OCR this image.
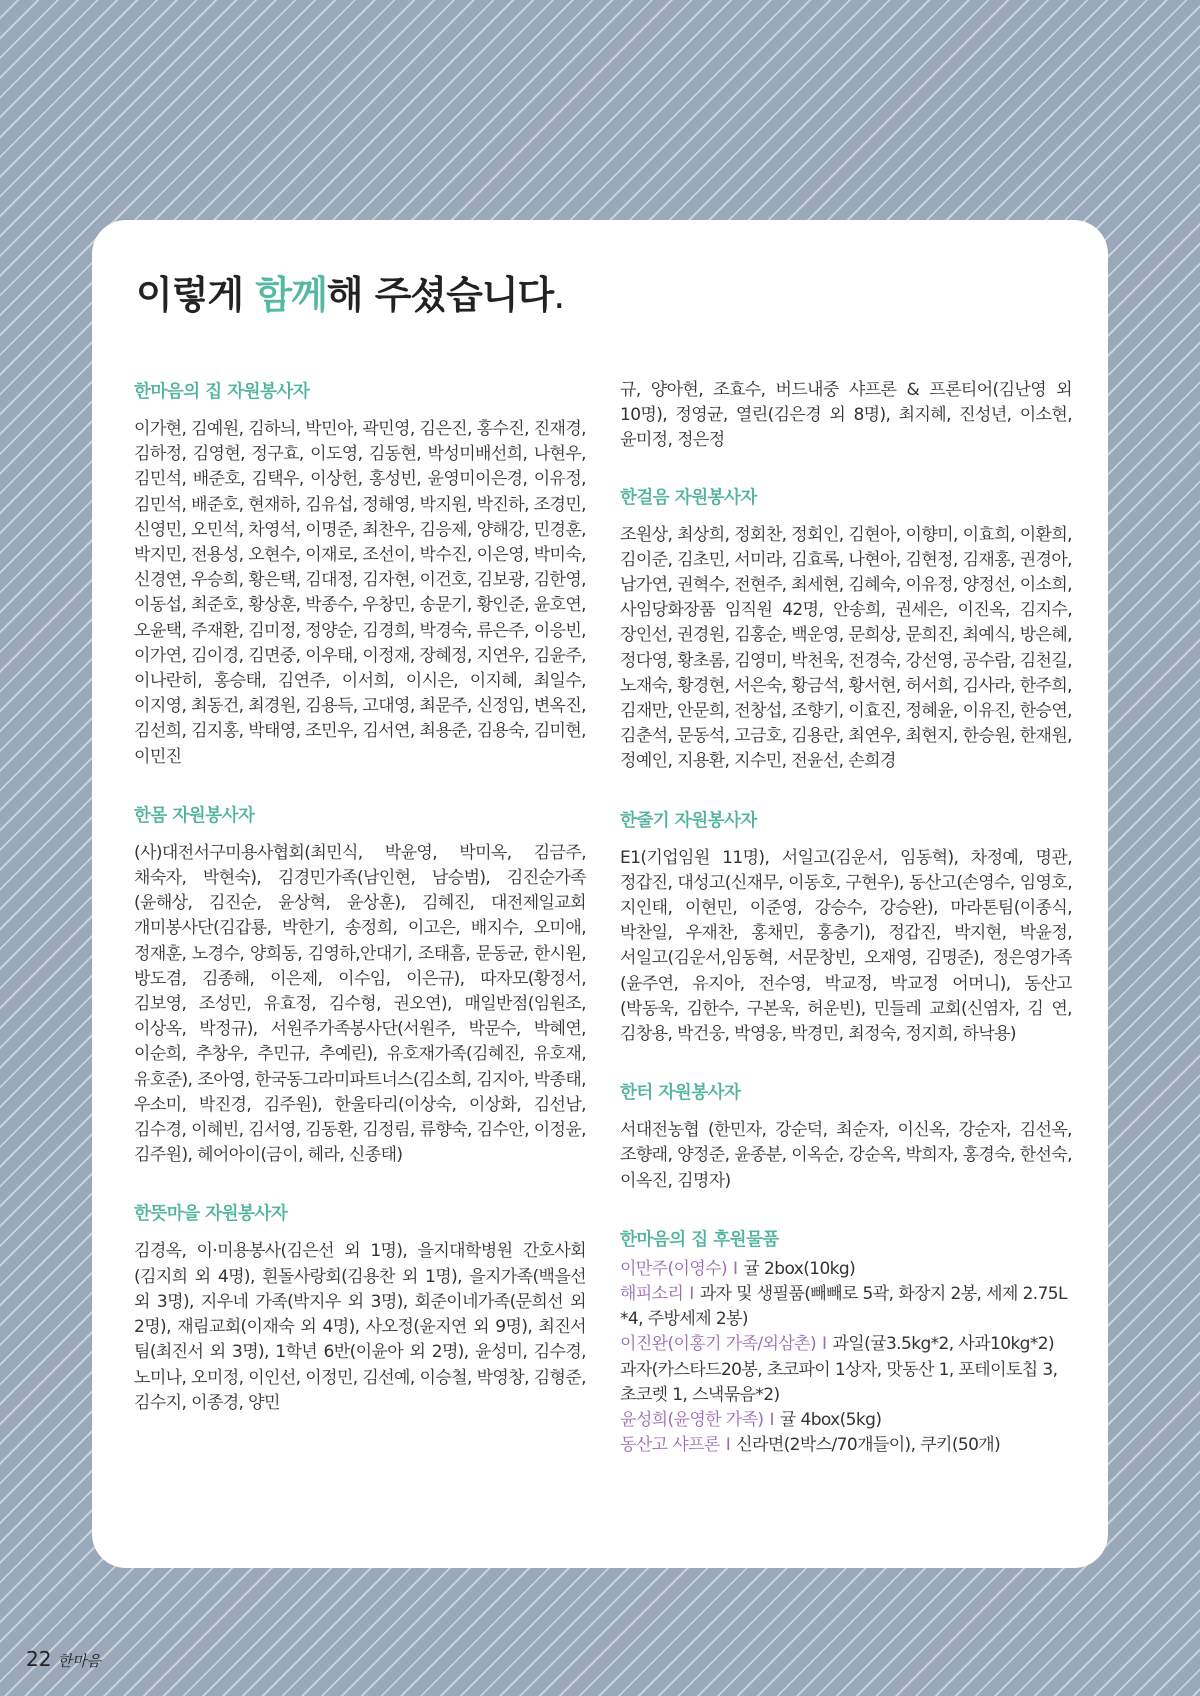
이렇게 함께해 주셨습니다.
한마음의 집 자원봉사자

이가현, 김예원, 김하늬, 박민아, 곽민영, 김은진, 홍수진, 진재경, 김하정, 김영현, 정구효, 이도영, 김동현, 박성미배선희, 나현우, 김민석, 배준호, 김택우, 이상헌, 홍성빈, 윤영미이은경, 이유정, 김민석, 배준호, 현재하, 김유섭, 정해영, 박지원, 박진하, 조경민, 신영민, 오민석, 차영석, 이명준, 최찬우, 김응제, 양해강, 민경훈, 박지민, 전용성, 오현수, 이재로, 조선이, 박수진, 이은영, 박미숙, 신경연, 우승희, 황은택, 김대정, 김자현, 이건호, 김보광, 김한영, 이동섭, 최준호, 황상훈, 박종수, 우창민, 송문기, 황인준, 윤호연, 오윤택, 주재환, 김미정, 정양순, 김경희, 박경숙, 류은주, 이응빈, 이가연, 김이경, 김면중, 이우태, 이정재, 장혜정, 지연우, 김윤주, 이나란히, 홍승태, 김연주, 이서희, 이시은, 이지혜, 최일수, 이지영, 최동건, 최경원, 김용득, 고대영, 최문주, 신정임, 변옥진, 김선희, 김지홍, 박태영, 조민우, 김서연, 최용준, 김용숙, 김미현, 이민진

한몸 자원봉사자

(사)대전서구미용사협회(최민식, 박윤영, 박미옥, 김금주, 채숙자, 박현숙), 김경민가족(남인현, 남승범), 김진순가족(윤해상, 김진순, 윤상혁, 윤상훈), 김혜진, 대전제일교회 개미봉사단(김갑룡, 박한기, 송정희, 이고은, 배지수, 오미애, 정재훈, 노경수, 양희동, 김영하,안대기, 조태흠, 문동균, 한시원, 방도겸, 김종해, 이은제, 이수임, 이은규), 따자모(황정서, 김보영, 조성민, 유효정, 김수형, 권오연), 매일반점(임원조, 이상옥, 박정규), 서원주가족봉사단(서원주, 박문수, 박혜연, 이순희, 추창우, 추민규, 추예린), 유호재가족(김혜진, 유호재, 유호준), 조아영, 한국동그라미파트너스(김소희, 김지아, 박종태, 우소미, 박진경, 김주원), 한울타리(이상숙, 이상화, 김선남, 김수경, 이혜빈, 김서영, 김동환, 김정림, 류향숙, 김수안, 이정윤, 김주원), 헤어아이(금이, 헤라, 신종태)

한뜻마을 자원봉사자

김경옥, 이·미용봉사(김은선 외 1명), 을지대학병원 간호사회(김지희 외 4명), 흰돌사랑회(김용찬 외 1명), 을지가족(백을선 외 3명), 지우네 가족(박지우 외 3명), 회준이네가족(문희선 외 2명), 재림교회(이재숙 외 4명), 사오정(윤지연 외 9명), 최진서 팀(최진서 외 3명), 1학년 6반(이윤아 외 2명), 윤성미, 김수경, 노미나, 오미정, 이인선, 이정민, 김선예, 이승철, 박영창, 김형준, 김수지, 이종경, 양민

규, 양아현, 조효수, 버드내중 샤프론 & 프론티어(김난영 외 10명), 정영균, 열린(김은경 외 8명), 최지혜, 진성년, 이소현, 윤미정, 정은정

한걸음 자원봉사자

조원상, 최상희, 정회찬, 정회인, 김현아, 이향미, 이효희, 이환희, 김이준, 김초민, 서미라, 김효록, 나현아, 김현정, 김재홍, 권경아, 남가연, 권혁수, 전현주, 최세현, 김혜숙, 이유정, 양정선, 이소희, 사임당화장품 임직원 42명, 안송희, 권세은, 이진옥, 김지수, 장인선, 권경원, 김홍순, 백운영, 문희상, 문희진, 최예식, 방은혜, 정다영, 황초롬, 김영미, 박천욱, 전경숙, 강선영, 공수람, 김천길, 노재숙, 황경현, 서은숙, 황금석, 황서현, 허서희, 김사라, 한주희, 김재만, 안문희, 전창섭, 조향기, 이효진, 정혜윤, 이유진, 한승연, 김춘석, 문동석, 고금호, 김용란, 최연우, 최현지, 한승원, 한재원, 정예인, 지용환, 지수민, 전윤선, 손희경

한줄기 자원봉사자

E1(기업임원 11명), 서일고(김운서, 임동혁), 차정예, 명관, 정갑진, 대성고(신재무, 이동호, 구현우), 동산고(손영수, 임영호, 지인태, 이현민, 이준영, 강승수, 강승완), 마라톤팀(이종식, 박찬일, 우재찬, 홍채민, 홍충기), 정갑진, 박지현, 박윤정, 서일고(김운서,임동혁, 서문창빈, 오재영, 김명준), 정은영가족(윤주연, 유지아, 전수영, 박교정, 박교정 어머니), 동산고(박동욱, 김한수, 구본욱, 허운빈), 민들레 교회(신염자, 김 연, 김창용, 박건웅, 박영웅, 박경민, 최정숙, 정지희, 하낙용)

한터 자원봉사자

서대전농협 (한민자, 강순덕, 최순자, 이신옥, 강순자, 김선옥, 조향래, 양정준, 윤종분, 이옥순, 강순옥, 박희자, 홍경숙, 한선숙, 이옥진, 김명자)

한마음의 집 후원물품

이만주(이영수) I 귤 2box(10kg)

해피소리 I 과자 및 생필품(빼빼로 5곽, 화장지 2봉, 세제 2.75L *4, 주방세제 2봉)

이진완(이홍기 가족/외삼촌) I 과일(귤3.5kg*2, 사과10kg*2) 과자(카스타드20봉, 초코파이 1상자, 맛동산 1, 포테이토칩 3, 초코렛 1, 스낵묶음*2)

윤성희(윤영한 가족) I 귤 4box(5kg)

동산고 샤프론 I 신라면(2박스/70개들이), 쿠키(50개)

22 한마음
